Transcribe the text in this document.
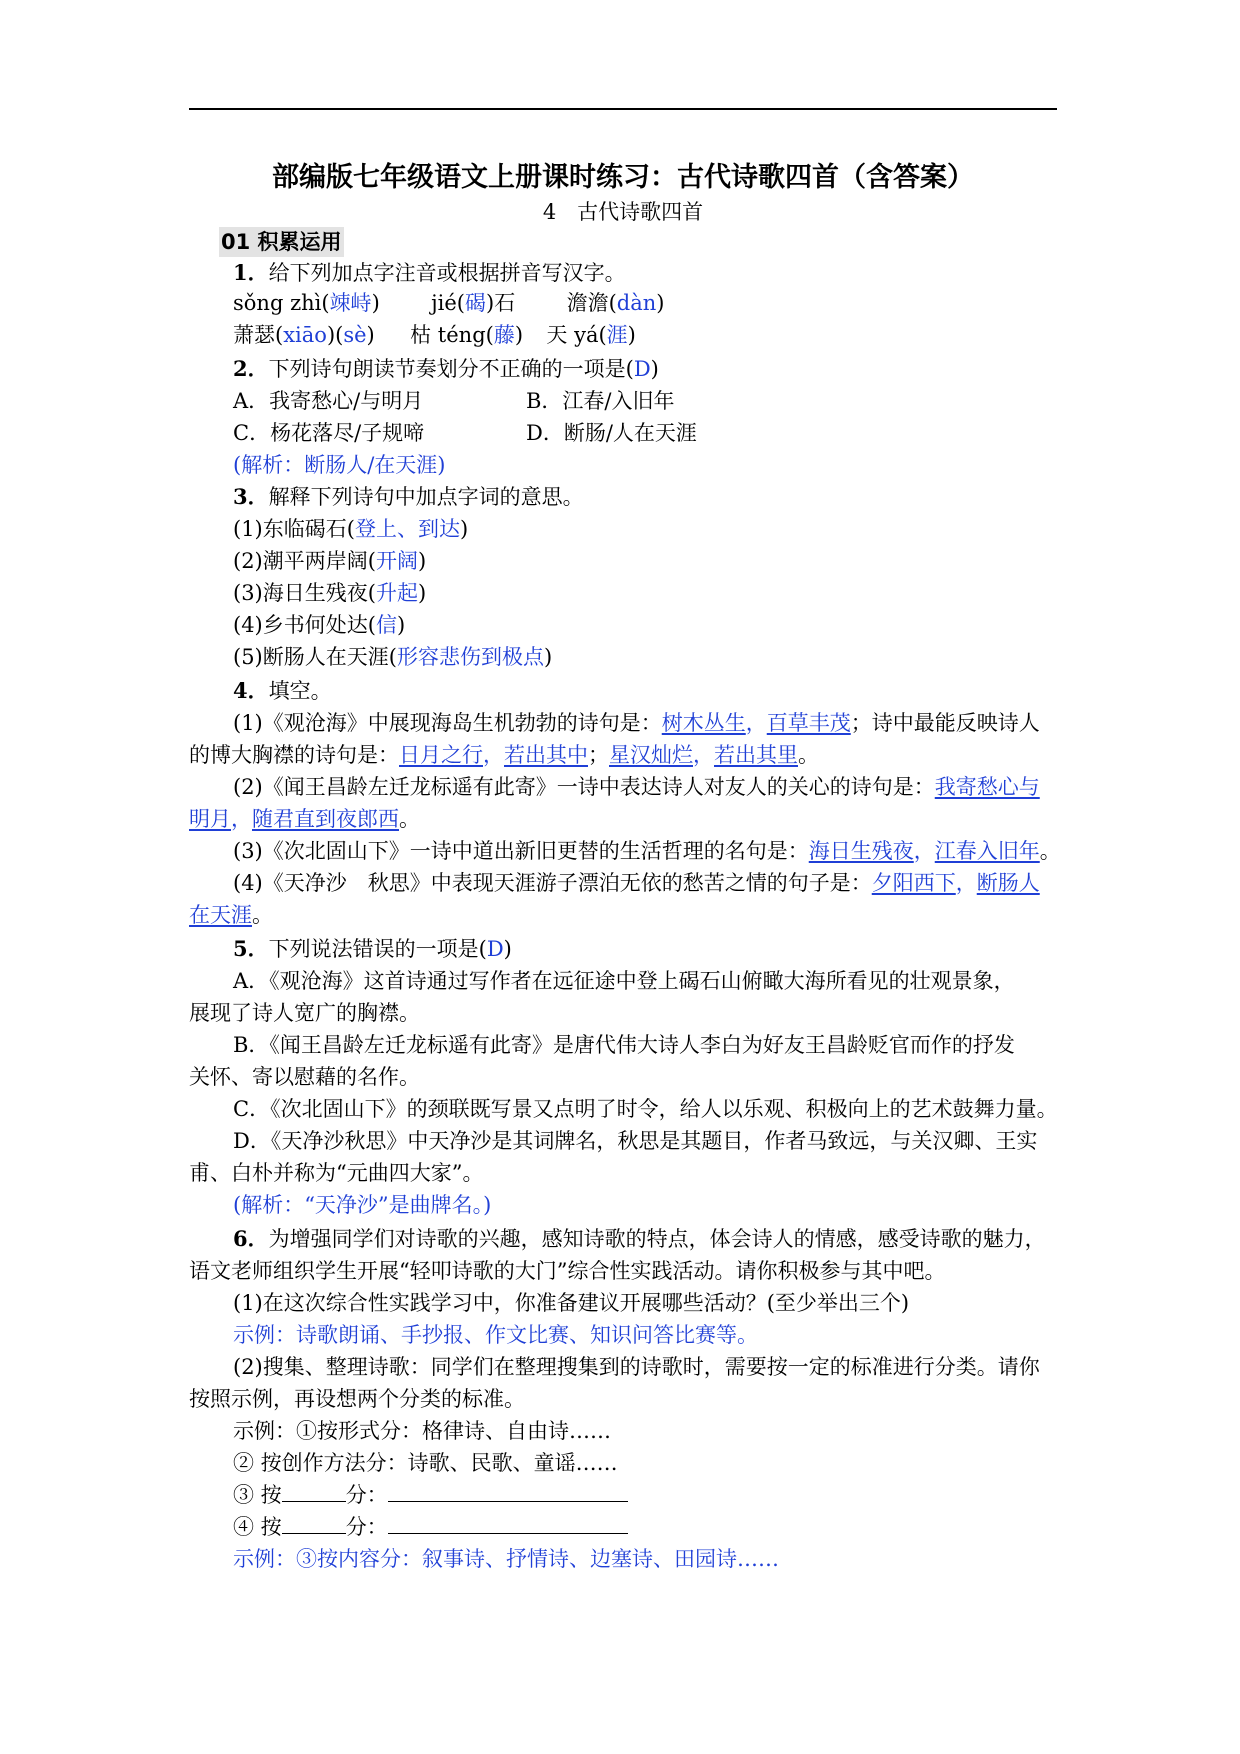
部编版七年级语文上册课时练习：古代诗歌四首（含答案）
4　古代诗歌四首
01 积累运用
1．给下列加点字注音或根据拼音写汉字。
sǒng zhì(竦峙) jié(碣)石 澹澹(dàn)
萧瑟(xiāo)(sè) 枯 téng(藤) 天 yá(涯)
2．下列诗句朗读节奏划分不正确的一项是(D)
A．我寄愁心/与明月	B．江春/入旧年
C．杨花落尽/子规啼	D．断肠/人在天涯
(解析：断肠人/在天涯)
3．解释下列诗句中加点字词的意思。
(1)东临碣石(登上、到达)
(2)潮平两岸阔(开阔)
(3)海日生残夜(升起)
(4)乡书何处达(信)
(5)断肠人在天涯(形容悲伤到极点)
4．填空。
(1)《观沧海》中展现海岛生机勃勃的诗句是：树木丛生，百草丰茂；诗中最能反映诗人
的博大胸襟的诗句是：日月之行，若出其中；星汉灿烂，若出其里。
(2)《闻王昌龄左迁龙标遥有此寄》一诗中表达诗人对友人的关心的诗句是：我寄愁心与
明月，随君直到夜郎西。
(3)《次北固山下》一诗中道出新旧更替的生活哲理的名句是：海日生残夜，江春入旧年。
(4)《天净沙　秋思》中表现天涯游子漂泊无依的愁苦之情的句子是：夕阳西下，断肠人
在天涯。
5．下列说法错误的一项是(D)
A．《观沧海》这首诗通过写作者在远征途中登上碣石山俯瞰大海所看见的壮观景象，
展现了诗人宽广的胸襟。
B．《闻王昌龄左迁龙标遥有此寄》是唐代伟大诗人李白为好友王昌龄贬官而作的抒发
关怀、寄以慰藉的名作。
C．《次北固山下》的颈联既写景又点明了时令，给人以乐观、积极向上的艺术鼓舞力量。
D．《天净沙秋思》中天净沙是其词牌名，秋思是其题目，作者马致远，与关汉卿、王实
甫、白朴并称为“元曲四大家”。
(解析：“天净沙”是曲牌名。)
6．为增强同学们对诗歌的兴趣，感知诗歌的特点，体会诗人的情感，感受诗歌的魅力，
语文老师组织学生开展“轻叩诗歌的大门”综合性实践活动。请你积极参与其中吧。
(1)在这次综合性实践学习中，你准备建议开展哪些活动？(至少举出三个)
示例：诗歌朗诵、手抄报、作文比赛、知识问答比赛等。
(2)搜集、整理诗歌：同学们在整理搜集到的诗歌时，需要按一定的标准进行分类。请你
按照示例，再设想两个分类的标准。
示例：①按形式分：格律诗、自由诗……
② 按创作方法分：诗歌、民歌、童谣……
③ 按	分：
④ 按	分：
示例：③按内容分：叙事诗、抒情诗、边塞诗、田园诗……
